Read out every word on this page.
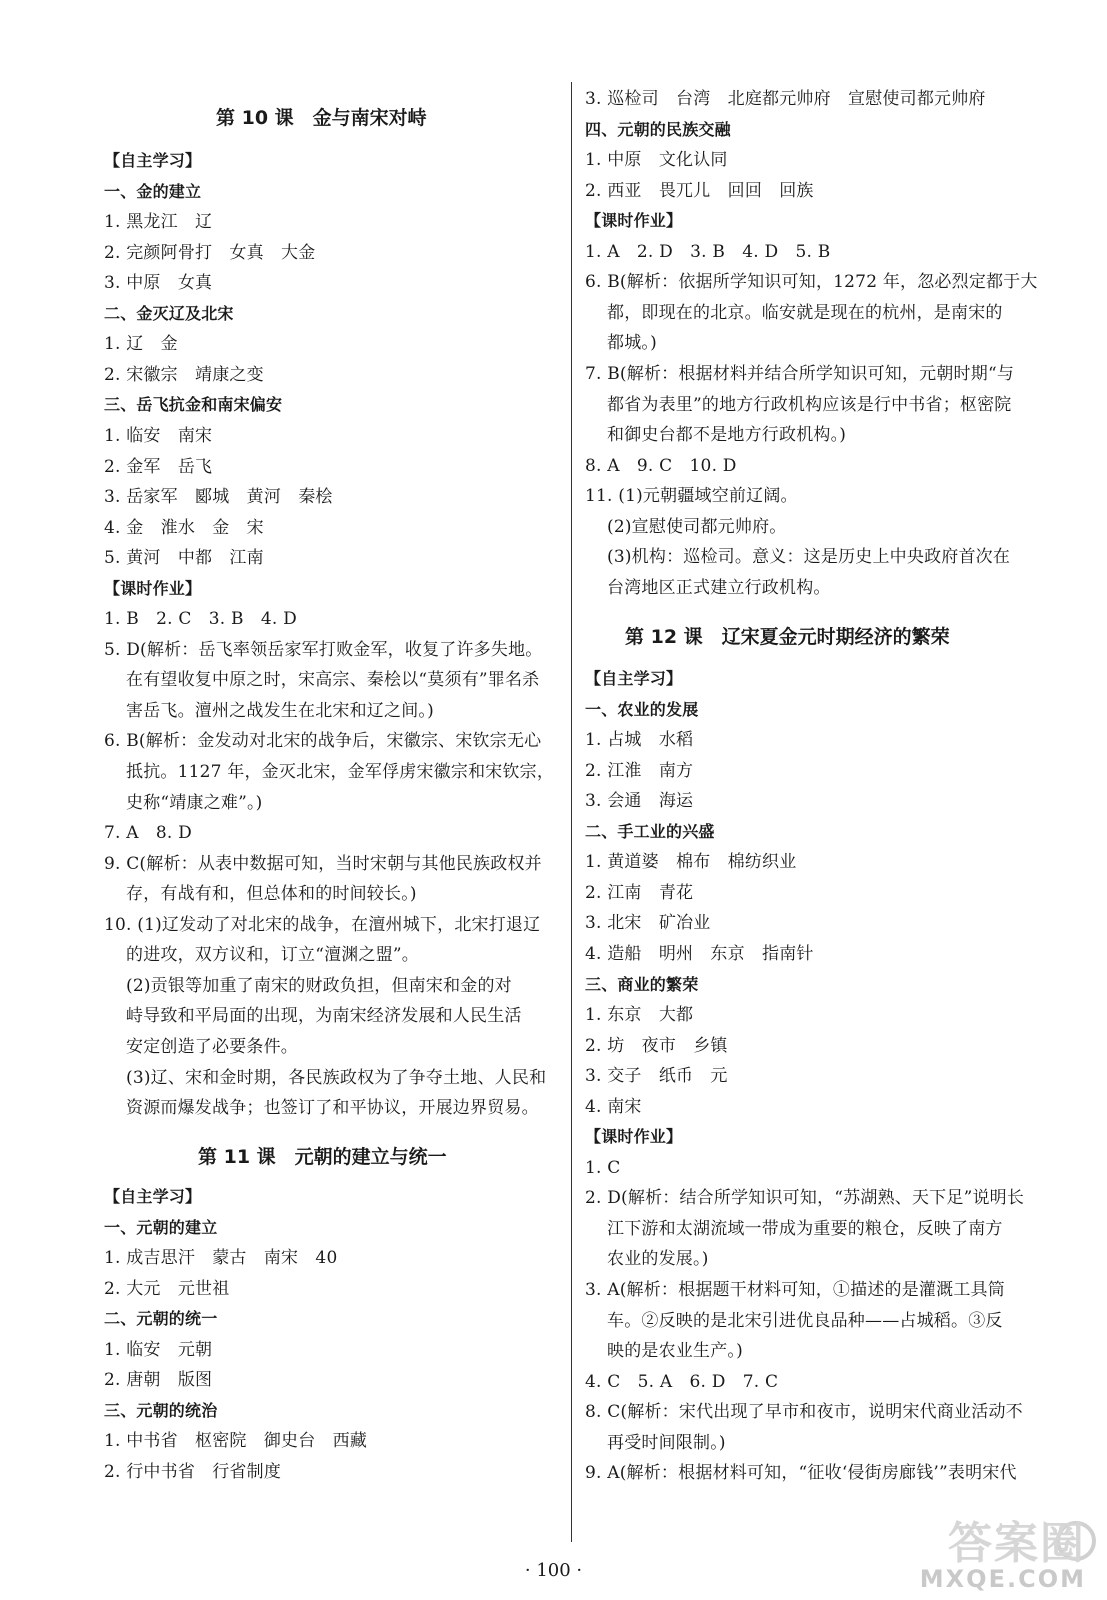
第 10 课　金与南宋对峙
【自主学习】
一、金的建立
1. 黑龙江　辽
2. 完颜阿骨打　女真　大金
3. 中原　女真
二、金灭辽及北宋
1. 辽　金
2. 宋徽宗　靖康之变
三、岳飞抗金和南宋偏安
1. 临安　南宋
2. 金军　岳飞
3. 岳家军　郾城　黄河　秦桧
4. 金　淮水　金　宋
5. 黄河　中都　江南
【课时作业】
1. B　2. C　3. B　4. D
5. D(解析：岳飞率领岳家军打败金军，收复了许多失地。
在有望收复中原之时，宋高宗、秦桧以“莫须有”罪名杀
害岳飞。澶州之战发生在北宋和辽之间。)
6. B(解析：金发动对北宋的战争后，宋徽宗、宋钦宗无心
抵抗。1127 年，金灭北宋，金军俘虏宋徽宗和宋钦宗，
史称“靖康之难”。)
7. A　8. D
9. C(解析：从表中数据可知，当时宋朝与其他民族政权并
存，有战有和，但总体和的时间较长。)
10. (1)辽发动了对北宋的战争，在澶州城下，北宋打退辽
的进攻，双方议和，订立“澶渊之盟”。
(2)贡银等加重了南宋的财政负担，但南宋和金的对
峙导致和平局面的出现，为南宋经济发展和人民生活
安定创造了必要条件。
(3)辽、宋和金时期，各民族政权为了争夺土地、人民和
资源而爆发战争；也签订了和平协议，开展边界贸易。
第 11 课　元朝的建立与统一
【自主学习】
一、元朝的建立
1. 成吉思汗　蒙古　南宋　40
2. 大元　元世祖
二、元朝的统一
1. 临安　元朝
2. 唐朝　版图
三、元朝的统治
1. 中书省　枢密院　御史台　西藏
2. 行中书省　行省制度
3. 巡检司　台湾　北庭都元帅府　宣慰使司都元帅府
四、元朝的民族交融
1. 中原　文化认同
2. 西亚　畏兀儿　回回　回族
【课时作业】
1. A　2. D　3. B　4. D　5. B
6. B(解析：依据所学知识可知，1272 年，忽必烈定都于大
都，即现在的北京。临安就是现在的杭州，是南宋的
都城。)
7. B(解析：根据材料并结合所学知识可知，元朝时期“与
都省为表里”的地方行政机构应该是行中书省；枢密院
和御史台都不是地方行政机构。)
8. A　9. C　10. D
11. (1)元朝疆域空前辽阔。
(2)宣慰使司都元帅府。
(3)机构：巡检司。意义：这是历史上中央政府首次在
台湾地区正式建立行政机构。
第 12 课　辽宋夏金元时期经济的繁荣
【自主学习】
一、农业的发展
1. 占城　水稻
2. 江淮　南方
3. 会通　海运
二、手工业的兴盛
1. 黄道婆　棉布　棉纺织业
2. 江南　青花
3. 北宋　矿冶业
4. 造船　明州　东京　指南针
三、商业的繁荣
1. 东京　大都
2. 坊　夜市　乡镇
3. 交子　纸币　元
4. 南宋
【课时作业】
1. C
2. D(解析：结合所学知识可知，“苏湖熟、天下足”说明长
江下游和太湖流域一带成为重要的粮仓，反映了南方
农业的发展。)
3. A(解析：根据题干材料可知，①描述的是灌溉工具筒
车。②反映的是北宋引进优良品种——占城稻。③反
映的是农业生产。)
4. C　5. A　6. D　7. C
8. C(解析：宋代出现了早市和夜市，说明宋代商业活动不
再受时间限制。)
9. A(解析：根据材料可知，“征收‘侵街房廊钱’”表明宋代
· 100 ·
答案圈
MXQE.COM
